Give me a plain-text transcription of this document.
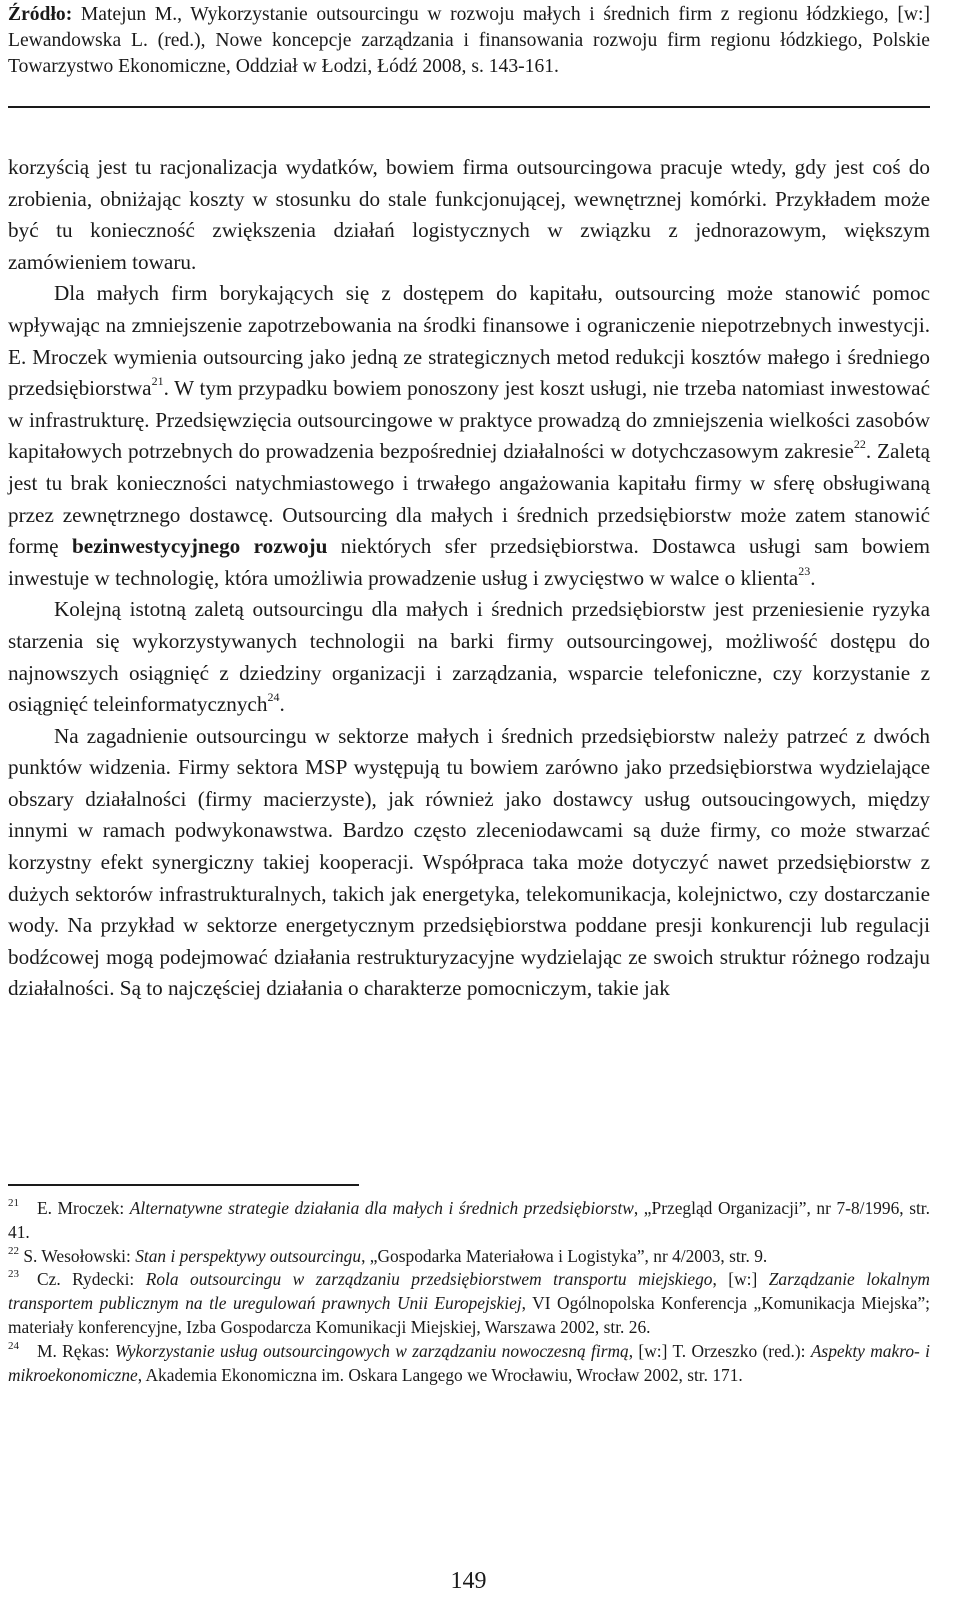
Źródło: Matejun M., Wykorzystanie outsourcingu w rozwoju małych i średnich firm z regionu łódzkiego, [w:] Lewandowska L. (red.), Nowe koncepcje zarządzania i finansowania rozwoju firm regionu łódzkiego, Polskie Towarzystwo Ekonomiczne, Oddział w Łodzi, Łódź 2008, s. 143-161.

korzyścią jest tu racjonalizacja wydatków, bowiem firma outsourcingowa pracuje wtedy, gdy jest coś do zrobienia, obniżając koszty w stosunku do stale funkcjonującej, wewnętrznej komórki. Przykładem może być tu konieczność zwiększenia działań logistycznych w związku z jednorazowym, większym zamówieniem towaru.

Dla małych firm borykających się z dostępem do kapitału, outsourcing może stanowić pomoc wpływając na zmniejszenie zapotrzebowania na środki finansowe i ograniczenie niepotrzebnych inwestycji. E. Mroczek wymienia outsourcing jako jedną ze strategicznych metod redukcji kosztów małego i średniego przedsiębiorstwa$^{21}$. W tym przypadku bowiem ponoszony jest koszt usługi, nie trzeba natomiast inwestować w infrastrukturę. Przedsięwzięcia outsourcingowe w praktyce prowadzą do zmniejszenia wielkości zasobów kapitałowych potrzebnych do prowadzenia bezpośredniej działalności w dotychczasowym zakresie$^{22}$. Zaletą jest tu brak konieczności natychmiastowego i trwałego angażowania kapitału firmy w sferę obsługiwaną przez zewnętrznego dostawcę. Outsourcing dla małych i średnich przedsiębiorstw może zatem stanowić formę bezinwestycyjnego rozwoju niektórych sfer przedsiębiorstwa. Dostawca usługi sam bowiem inwestuje w technologię, która umożliwia prowadzenie usług i zwycięstwo w walce o klienta$^{23}$.

Kolejną istotną zaletą outsourcingu dla małych i średnich przedsiębiorstw jest przeniesienie ryzyka starzenia się wykorzystywanych technologii na barki firmy outsourcingowej, możliwość dostępu do najnowszych osiągnięć z dziedziny organizacji i zarządzania, wsparcie telefoniczne, czy korzystanie z osiągnięć teleinformatycznych$^{24}$.

Na zagadnienie outsourcingu w sektorze małych i średnich przedsiębiorstw należy patrzeć z dwóch punktów widzenia. Firmy sektora MSP występują tu bowiem zarówno jako przedsiębiorstwa wydzielające obszary działalności (firmy macierzyste), jak również jako dostawcy usług outsoucingowych, między innymi w ramach podwykonawstwa. Bardzo często zleceniodawcami są duże firmy, co może stwarzać korzystny efekt synergiczny takiej kooperacji. Współpraca taka może dotyczyć nawet przedsiębiorstw z dużych sektorów infrastrukturalnych, takich jak energetyka, telekomunikacja, kolejnictwo, czy dostarczanie wody. Na przykład w sektorze energetycznym przedsiębiorstwa poddane presji konkurencji lub regulacji bodźcowej mogą podejmować działania restrukturyzacyjne wydzielając ze swoich struktur różnego rodzaju działalności. Są to najczęściej działania o charakterze pomocniczym, takie jak

$^{21}$ E. Mroczek: Alternatywne strategie działania dla małych i średnich przedsiębiorstw, „Przegląd Organizacji”, nr 7-8/1996, str. 41.

$^{22}$ S. Wesołowski: Stan i perspektywy outsourcingu, „Gospodarka Materiałowa i Logistyka”, nr 4/2003, str. 9.

$^{23}$ Cz. Rydecki: Rola outsourcingu w zarządzaniu przedsiębiorstwem transportu miejskiego, [w:] Zarządzanie lokalnym transportem publicznym na tle uregulowań prawnych Unii Europejskiej, VI Ogólnopolska Konferencja „Komunikacja Miejska”; materiały konferencyjne, Izba Gospodarcza Komunikacji Miejskiej, Warszawa 2002, str. 26.

$^{24}$ M. Rękas: Wykorzystanie usług outsourcingowych w zarządzaniu nowoczesną firmą, [w:] T. Orzeszko (red.): Aspekty makro- i mikroekonomiczne, Akademia Ekonomiczna im. Oskara Langego we Wrocławiu, Wrocław 2002, str. 171.

149
